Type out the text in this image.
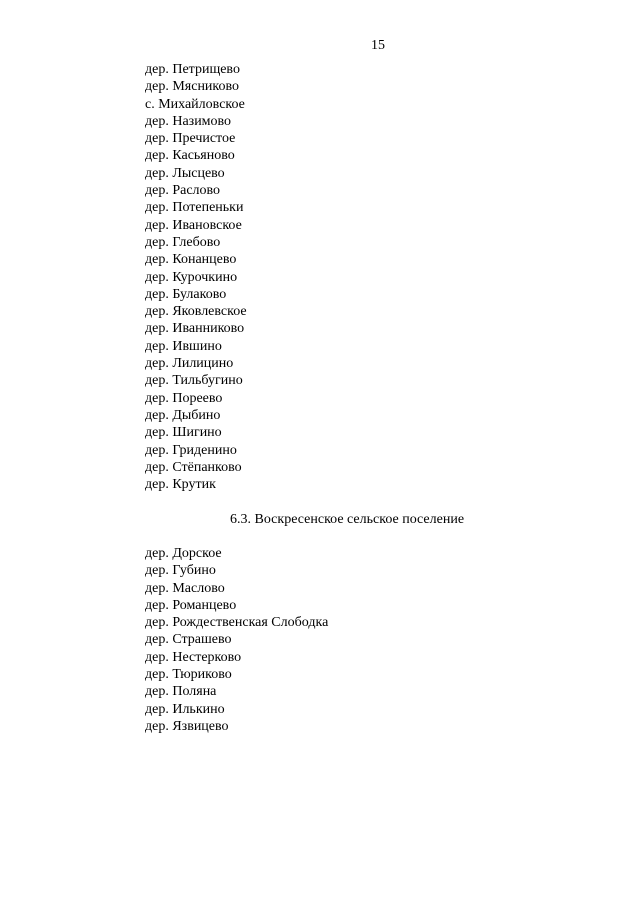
15
дер. Петрищево
дер. Мясниково
с. Михайловское
дер. Назимово
дер. Пречистое
дер. Касьяново
дер. Лысцево
дер. Раслово
дер. Потепеньки
дер. Ивановское
дер. Глебово
дер. Конанцево
дер. Курочкино
дер. Булаково
дер. Яковлевское
дер. Иванниково
дер. Ившино
дер. Лилицино
дер. Тильбугино
дер. Пореево
дер. Дыбино
дер. Шигино
дер. Гриденино
дер. Стёпанково
дер. Крутик
6.3. Воскресенское сельское поселение
дер. Дорское
дер. Губино
дер. Маслово
дер. Романцево
дер. Рождественская Слободка
дер. Страшево
дер. Нестерково
дер. Тюриково
дер. Поляна
дер. Илькино
дер. Язвицево
